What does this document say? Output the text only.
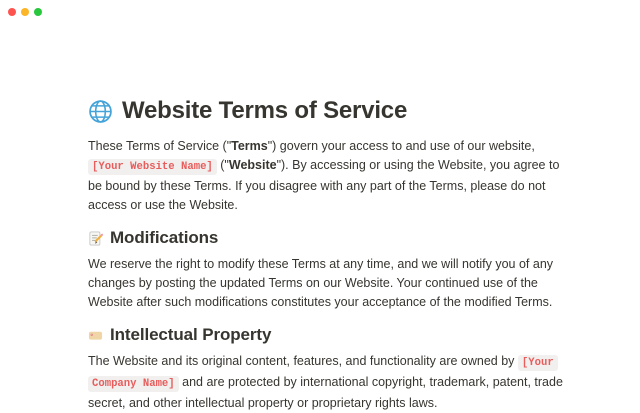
Website Terms of Service

These Terms of Service ("Terms") govern your access to and use of our website, [Your Website Name] ("Website"). By accessing or using the Website, you agree to be bound by these Terms. If you disagree with any part of the Terms, please do not access or use the Website.

Modifications

We reserve the right to modify these Terms at any time, and we will notify you of any changes by posting the updated Terms on our Website. Your continued use of the Website after such modifications constitutes your acceptance of the modified Terms.

Intellectual Property

The Website and its original content, features, and functionality are owned by [Your Company Name] and are protected by international copyright, trademark, patent, trade secret, and other intellectual property or proprietary rights laws.
